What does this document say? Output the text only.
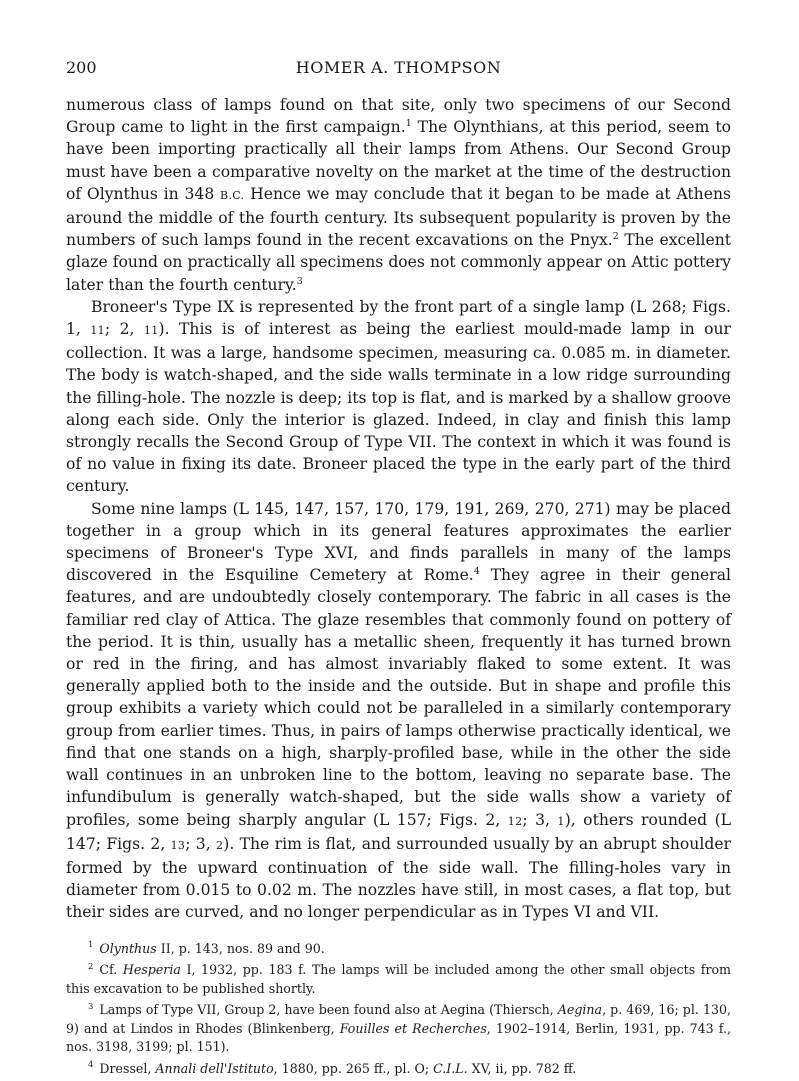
200	HOMER A. THOMPSON

numerous class of lamps found on that site, only two specimens of our Second Group came to light in the first campaign.$^1$ The Olynthians, at this period, seem to have been importing practically all their lamps from Athens. Our Second Group must have been a comparative novelty on the market at the time of the destruction of Olynthus in 348 B.C. Hence we may conclude that it began to be made at Athens around the middle of the fourth century. Its subsequent popularity is proven by the numbers of such lamps found in the recent excavations on the Pnyx.$^2$ The excellent glaze found on practically all specimens does not commonly appear on Attic pottery later than the fourth century.$^3$

Broneer's Type IX is represented by the front part of a single lamp (L 268; Figs. 1, 11; 2, 11). This is of interest as being the earliest mould-made lamp in our collection. It was a large, handsome specimen, measuring ca. 0.085 m. in diameter. The body is watch-shaped, and the side walls terminate in a low ridge surrounding the filling-hole. The nozzle is deep; its top is flat, and is marked by a shallow groove along each side. Only the interior is glazed. Indeed, in clay and finish this lamp strongly recalls the Second Group of Type VII. The context in which it was found is of no value in fixing its date. Broneer placed the type in the early part of the third century.

Some nine lamps (L 145, 147, 157, 170, 179, 191, 269, 270, 271) may be placed together in a group which in its general features approximates the earlier specimens of Broneer's Type XVI, and finds parallels in many of the lamps discovered in the Esquiline Cemetery at Rome.$^4$ They agree in their general features, and are undoubtedly closely contemporary. The fabric in all cases is the familiar red clay of Attica. The glaze resembles that commonly found on pottery of the period. It is thin, usually has a metallic sheen, frequently it has turned brown or red in the firing, and has almost invariably flaked to some extent. It was generally applied both to the inside and the outside. But in shape and profile this group exhibits a variety which could not be paralleled in a similarly contemporary group from earlier times. Thus, in pairs of lamps otherwise practically identical, we find that one stands on a high, sharply-profiled base, while in the other the side wall continues in an unbroken line to the bottom, leaving no separate base. The infundibulum is generally watch-shaped, but the side walls show a variety of profiles, some being sharply angular (L 157; Figs. 2, 12; 3, 1), others rounded (L 147; Figs. 2, 13; 3, 2). The rim is flat, and surrounded usually by an abrupt shoulder formed by the upward continuation of the side wall. The filling-holes vary in diameter from 0.015 to 0.02 m. The nozzles have still, in most cases, a flat top, but their sides are curved, and no longer perpendicular as in Types VI and VII.

$^1$ Olynthus II, p. 143, nos. 89 and 90.

$^2$ Cf. Hesperia I, 1932, pp. 183 f. The lamps will be included among the other small objects from this excavation to be published shortly.

$^3$ Lamps of Type VII, Group 2, have been found also at Aegina (Thiersch, Aegina, p. 469, 16; pl. 130, 9) and at Lindos in Rhodes (Blinkenberg, Fouilles et Recherches, 1902–1914, Berlin, 1931, pp. 743 f., nos. 3198, 3199; pl. 151).

$^4$ Dressel, Annali dell'Istituto, 1880, pp. 265 ff., pl. O; C.I.L. XV, ii, pp. 782 ff.
